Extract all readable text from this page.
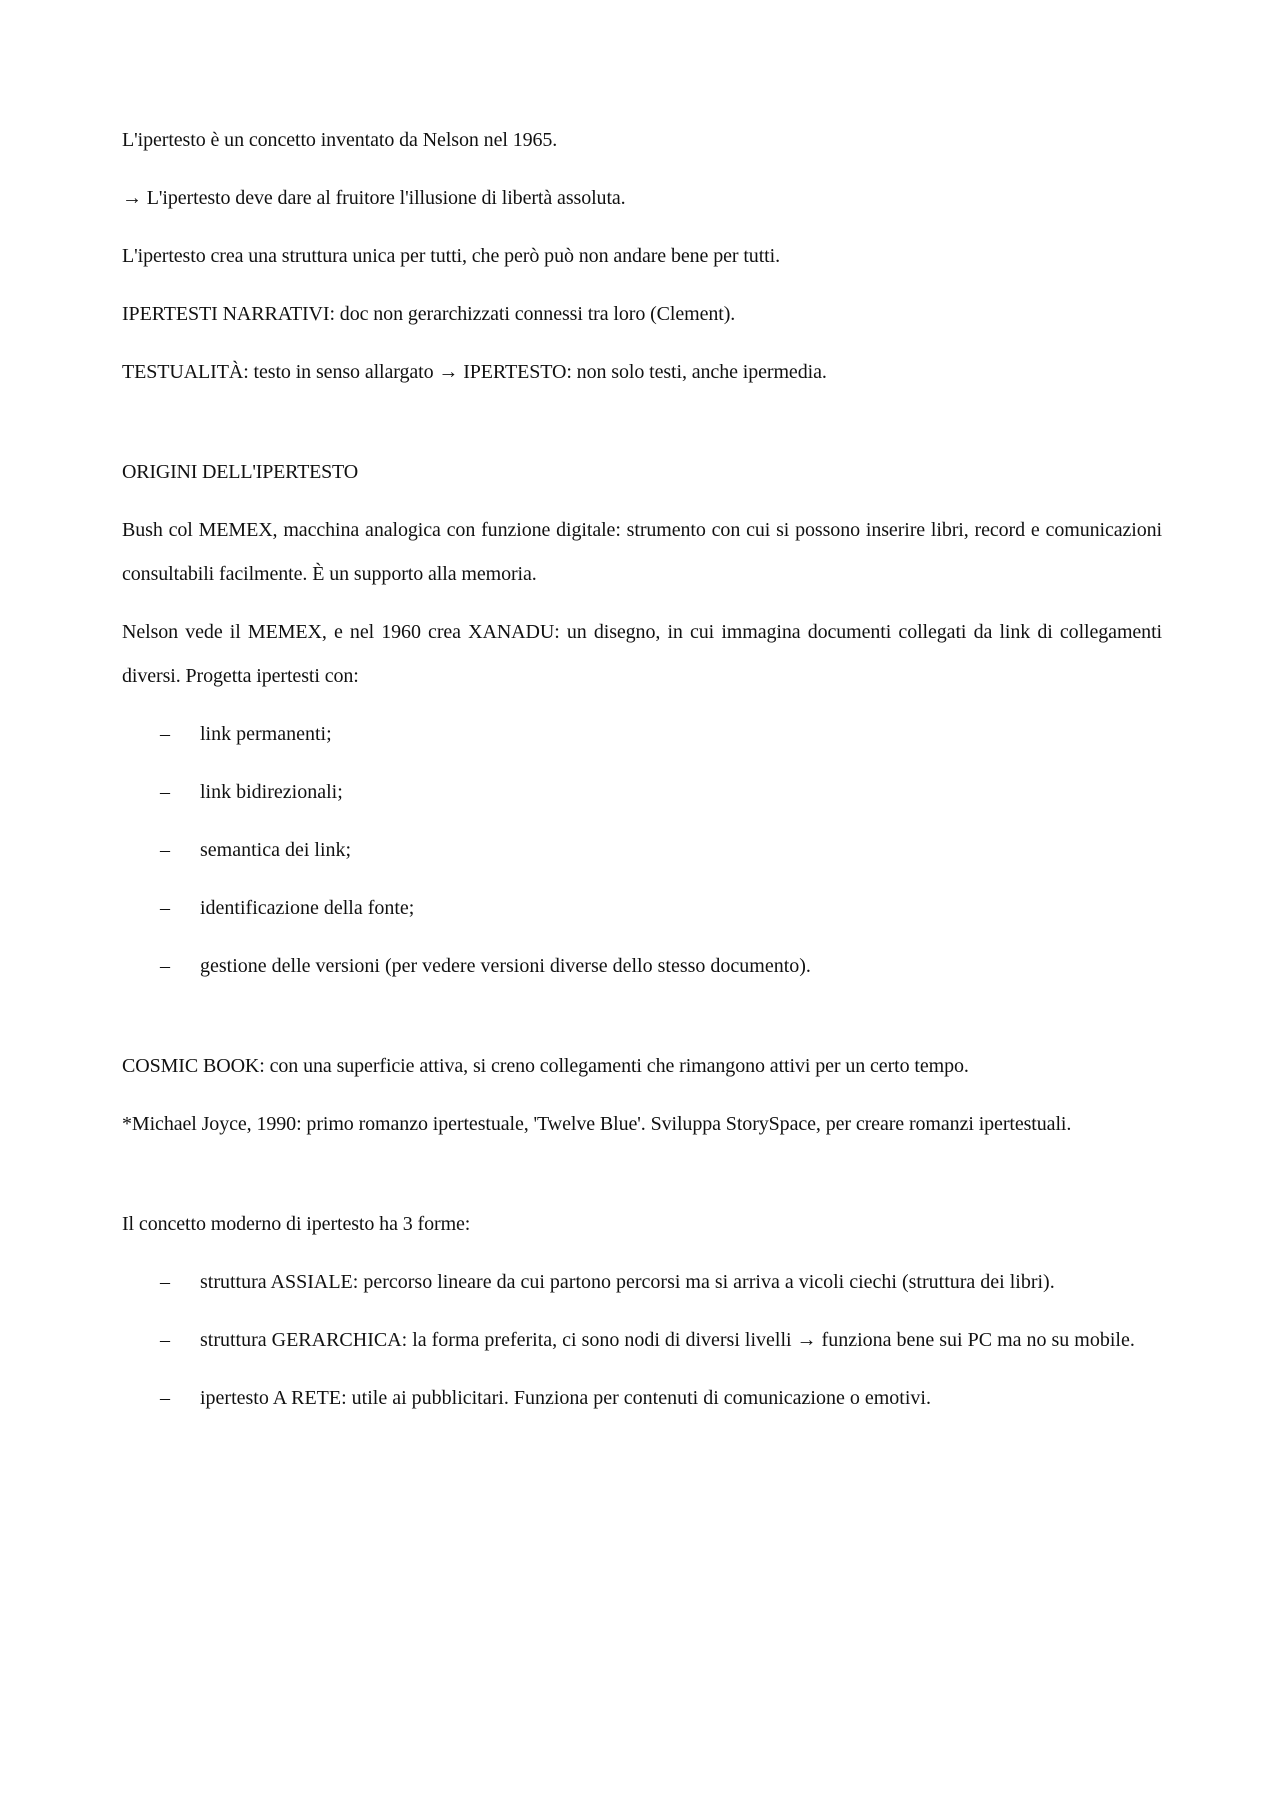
L'ipertesto è un concetto inventato da Nelson nel 1965.

→ L'ipertesto deve dare al fruitore l'illusione di libertà assoluta.

L'ipertesto crea una struttura unica per tutti, che però può non andare bene per tutti.

IPERTESTI NARRATIVI: doc non gerarchizzati connessi tra loro (Clement).

TESTUALITÀ: testo in senso allargato → IPERTESTO: non solo testi, anche ipermedia.

ORIGINI DELL'IPERTESTO

Bush col MEMEX, macchina analogica con funzione digitale: strumento con cui si possono inserire libri, record e comunicazioni consultabili facilmente. È un supporto alla memoria.

Nelson vede il MEMEX, e nel 1960 crea XANADU: un disegno, in cui immagina documenti collegati da link di collegamenti diversi. Progetta ipertesti con:

– link permanenti;
– link bidirezionali;
– semantica dei link;
– identificazione della fonte;
– gestione delle versioni (per vedere versioni diverse dello stesso documento).

COSMIC BOOK: con una superficie attiva, si creno collegamenti che rimangono attivi per un certo tempo.

*Michael Joyce, 1990: primo romanzo ipertestuale, 'Twelve Blue'. Sviluppa StorySpace, per creare romanzi ipertestuali.

Il concetto moderno di ipertesto ha 3 forme:

– struttura ASSIALE: percorso lineare da cui partono percorsi ma si arriva a vicoli ciechi (struttura dei libri).
– struttura GERARCHICA: la forma preferita, ci sono nodi di diversi livelli → funziona bene sui PC ma no su mobile.
– ipertesto A RETE: utile ai pubblicitari. Funziona per contenuti di comunicazione o emotivi.
